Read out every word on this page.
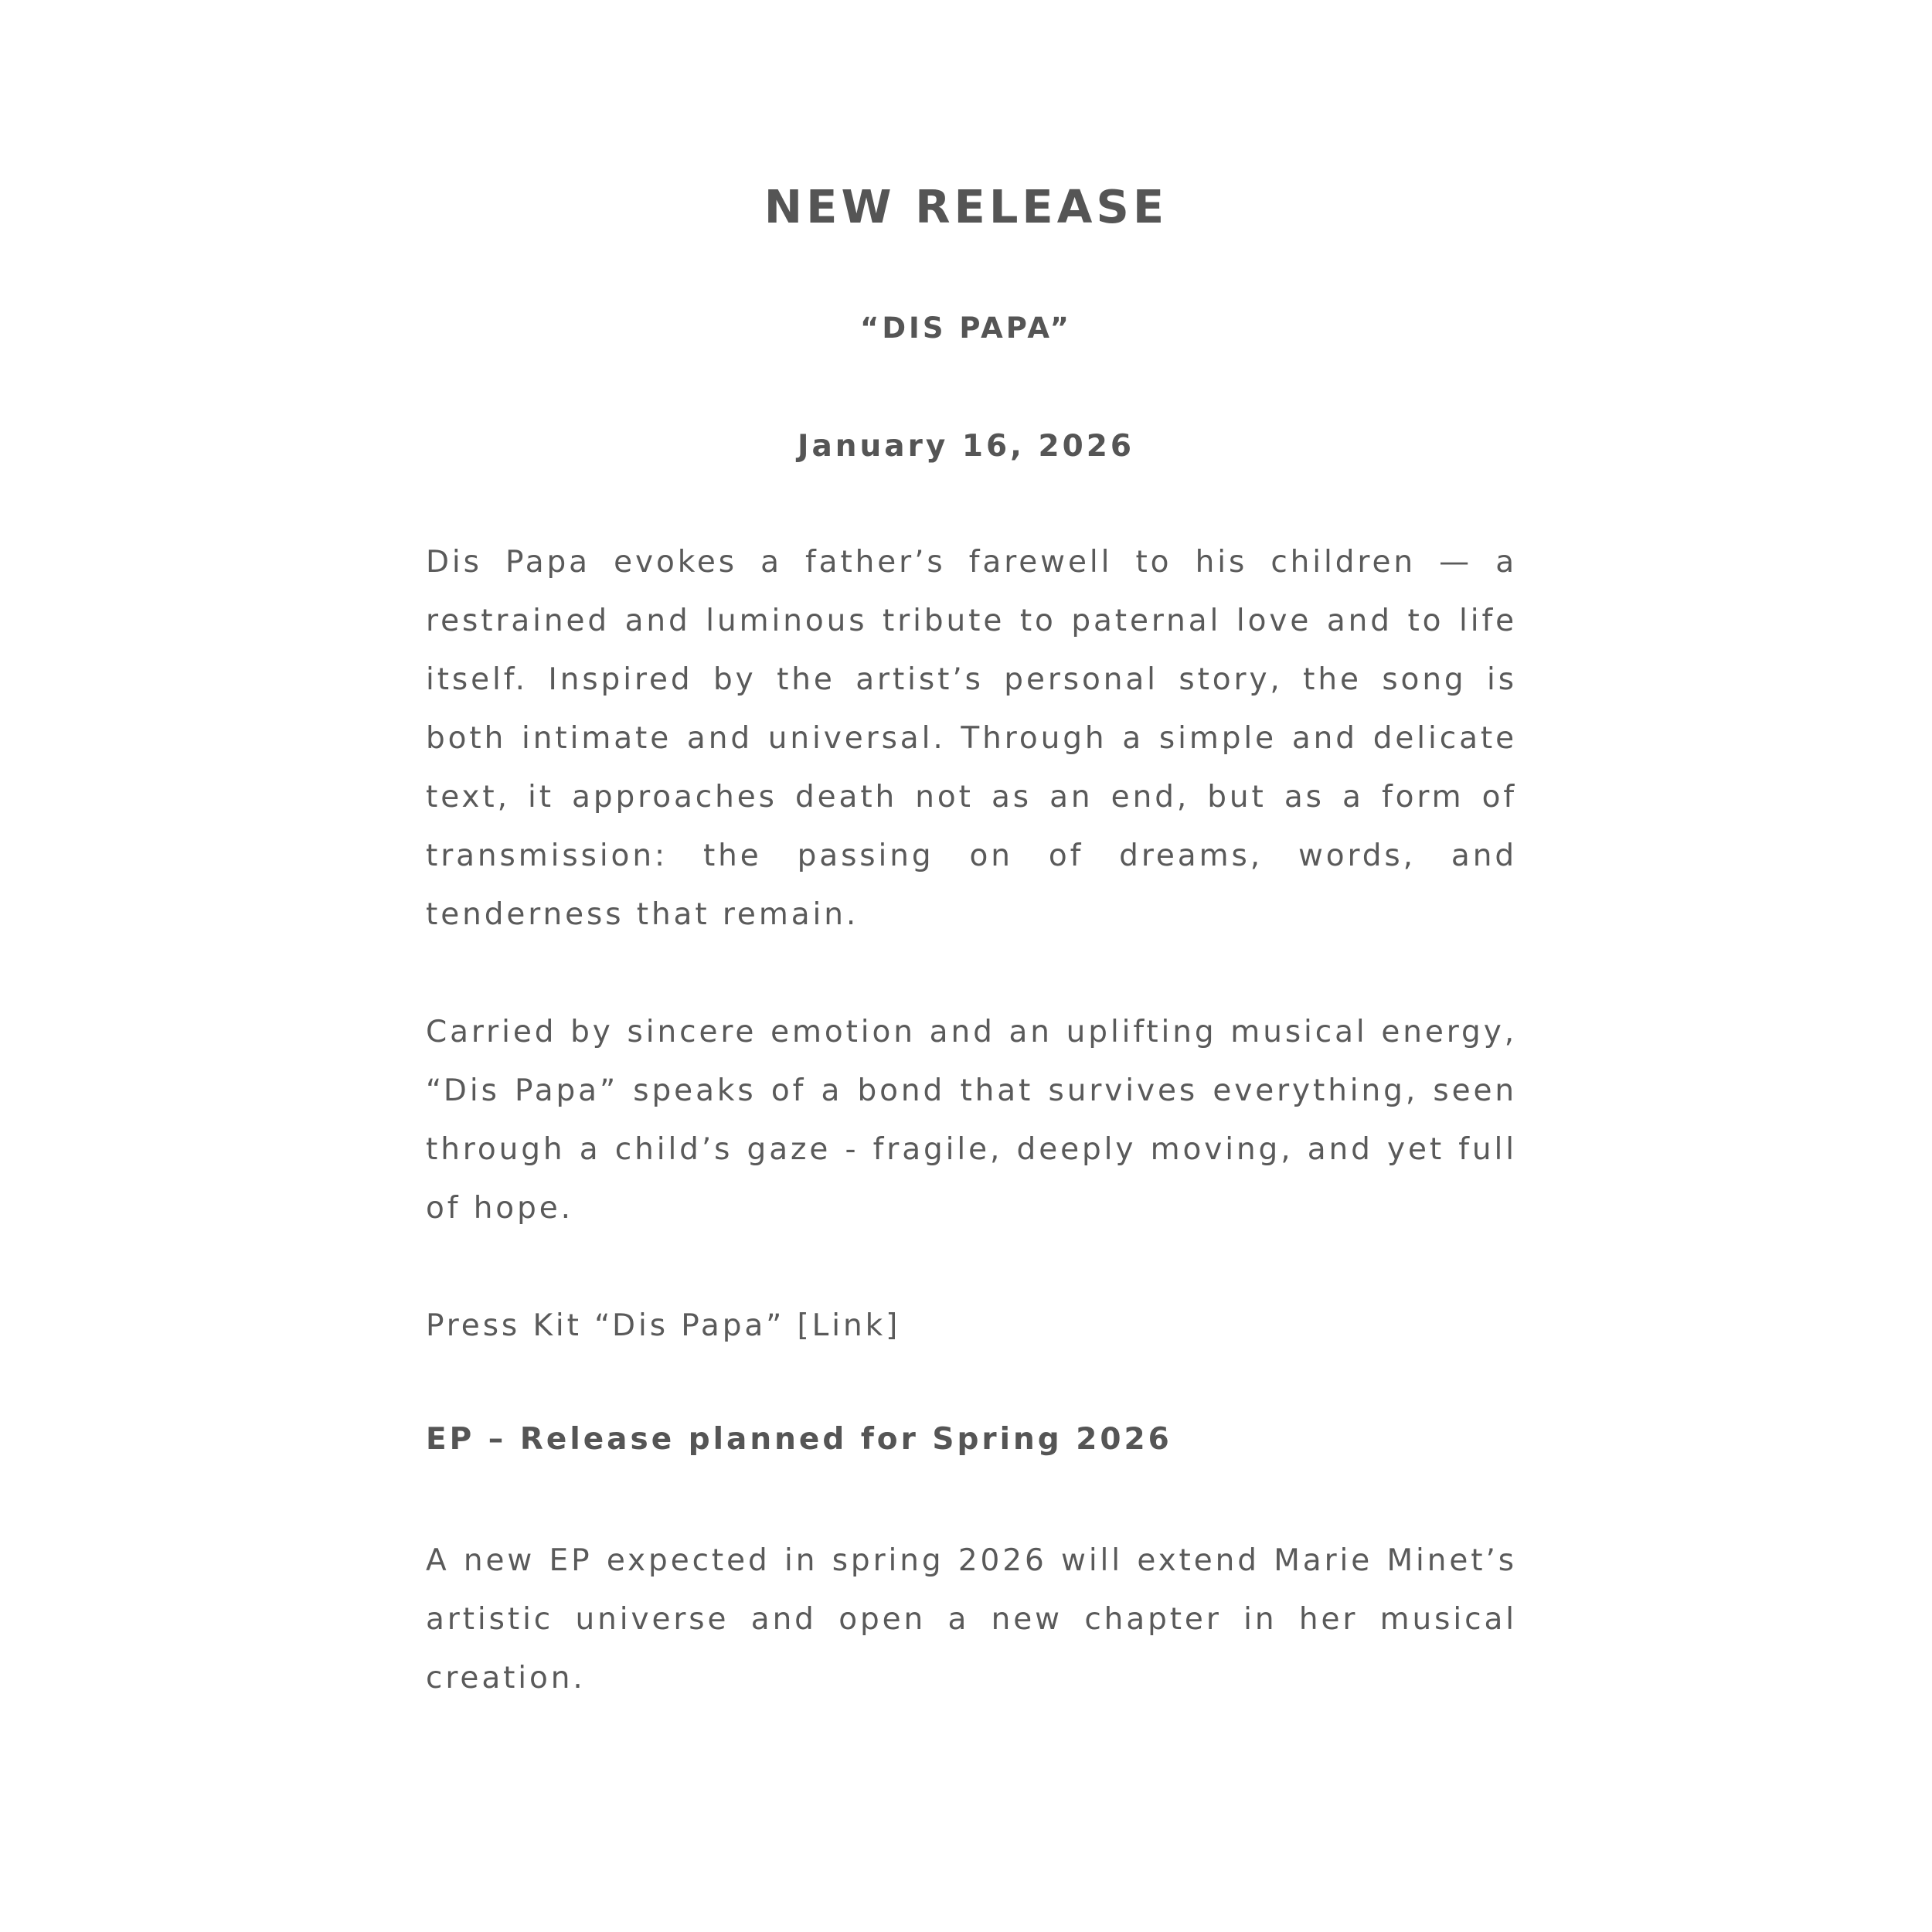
NEW RELEASE
“DIS PAPA”
January 16, 2026

Dis Papa evokes a father’s farewell to his children — a restrained and luminous tribute to paternal love and to life itself. Inspired by the artist’s personal story, the song is both intimate and universal. Through a simple and delicate text, it approaches death not as an end, but as a form of transmission: the passing on of dreams, words, and tenderness that remain.

Carried by sincere emotion and an uplifting musical energy, “Dis Papa” speaks of a bond that survives everything, seen through a child’s gaze - fragile, deeply moving, and yet full of hope.

Press Kit “Dis Papa” [Link]
EP – Release planned for Spring 2026

A new EP expected in spring 2026 will extend Marie Minet’s artistic universe and open a new chapter in her musical creation.
